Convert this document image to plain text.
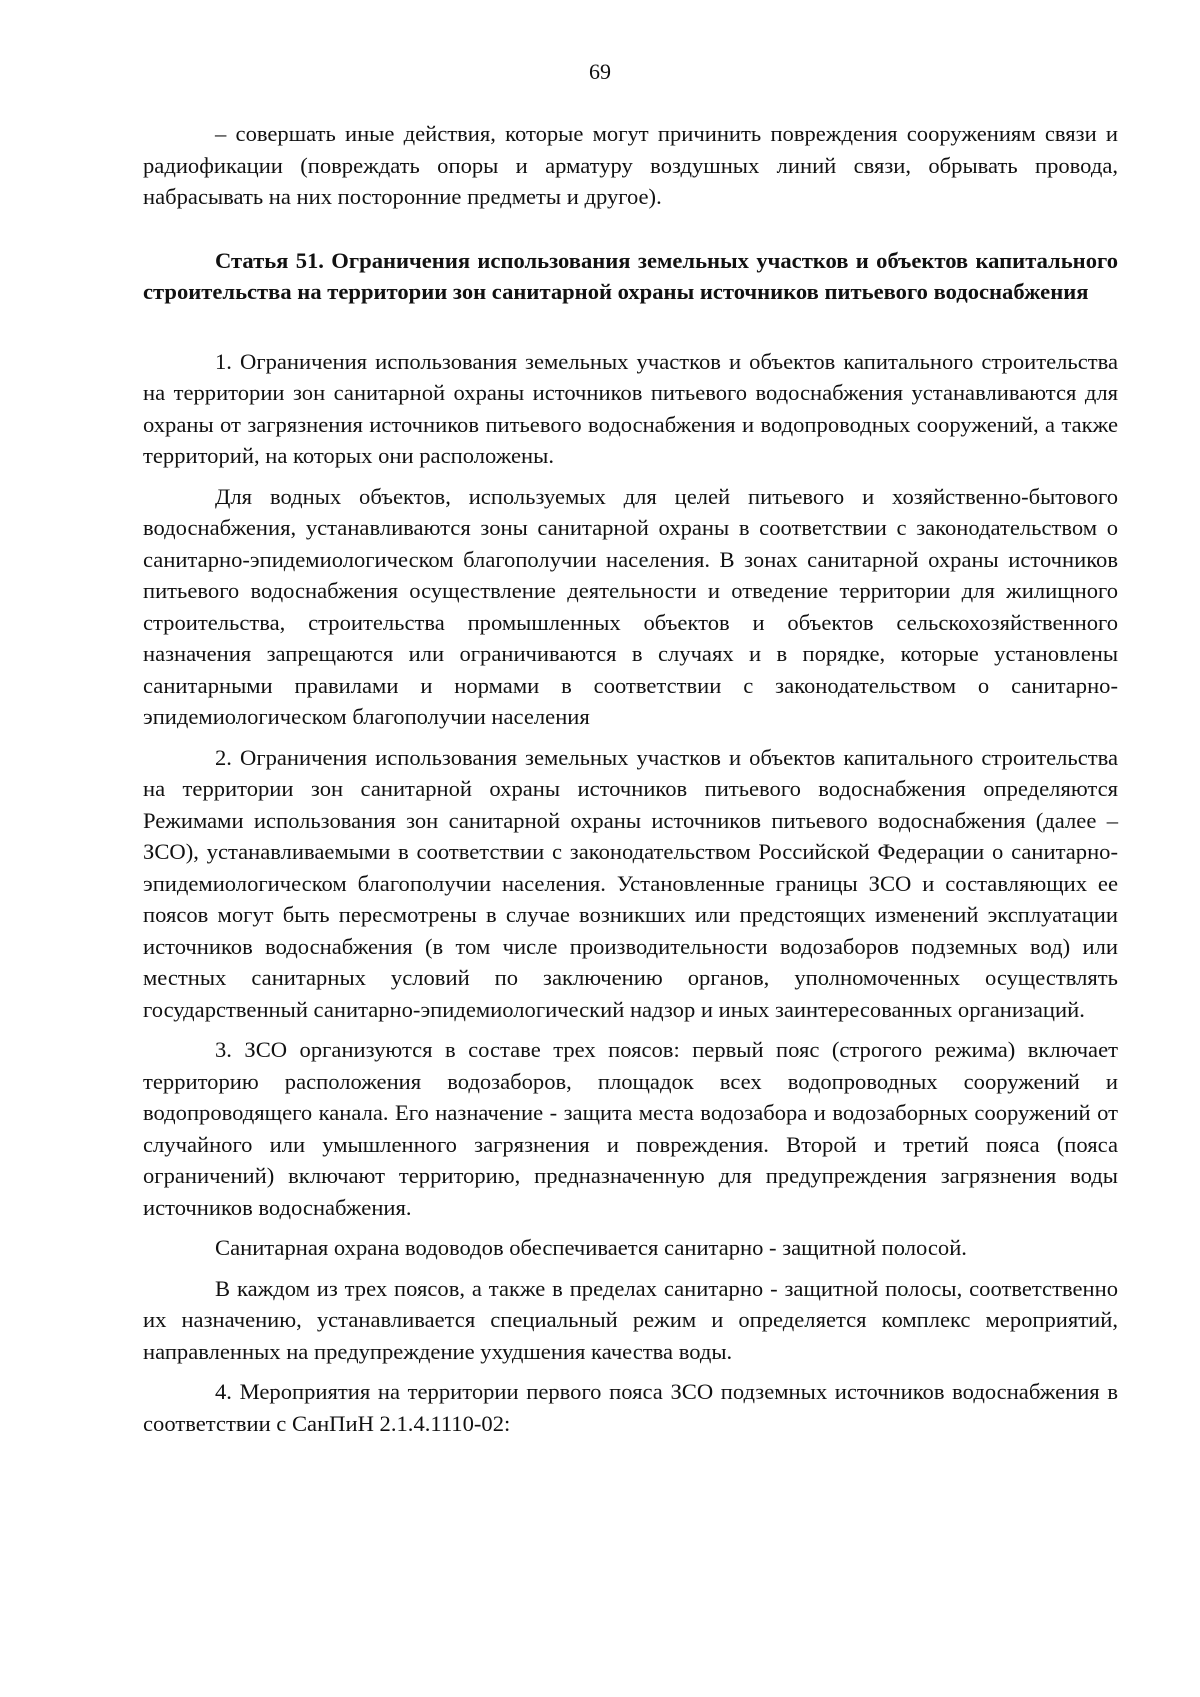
69

– совершать иные действия, которые могут причинить повреждения сооружениям связи и радиофикации (повреждать опоры и арматуру воздушных линий связи, обрывать провода, набрасывать на них посторонние предметы и другое).

Статья 51. Ограничения использования земельных участков и объектов капитального строительства на территории зон санитарной охраны источников питьевого водоснабжения

1. Ограничения использования земельных участков и объектов капитального строительства на территории зон санитарной охраны источников питьевого водоснабжения устанавливаются для охраны от загрязнения источников питьевого водоснабжения и водопроводных сооружений, а также территорий, на которых они расположены.

Для водных объектов, используемых для целей питьевого и хозяйственно-бытового водоснабжения, устанавливаются зоны санитарной охраны в соответствии с законодательством о санитарно-эпидемиологическом благополучии населения. В зонах санитарной охраны источников питьевого водоснабжения осуществление деятельности и отведение территории для жилищного строительства, строительства промышленных объектов и объектов сельскохозяйственного назначения запрещаются или ограничиваются в случаях и в порядке, которые установлены санитарными правилами и нормами в соответствии с законодательством о санитарно-эпидемиологическом благополучии населения

2. Ограничения использования земельных участков и объектов капитального строительства на территории зон санитарной охраны источников питьевого водоснабжения определяются Режимами использования зон санитарной охраны источников питьевого водоснабжения (далее – ЗСО), устанавливаемыми в соответствии с законодательством Российской Федерации о санитарно-эпидемиологическом благополучии населения. Установленные границы ЗСО и составляющих ее поясов могут быть пересмотрены в случае возникших или предстоящих изменений эксплуатации источников водоснабжения (в том числе производительности водозаборов подземных вод) или местных санитарных условий по заключению органов, уполномоченных осуществлять государственный санитарно-эпидемиологический надзор и иных заинтересованных организаций.

3. ЗСО организуются в составе трех поясов: первый пояс (строгого режима) включает территорию расположения водозаборов, площадок всех водопроводных сооружений и водопроводящего канала. Его назначение - защита места водозабора и водозаборных сооружений от случайного или умышленного загрязнения и повреждения. Второй и третий пояса (пояса ограничений) включают территорию, предназначенную для предупреждения загрязнения воды источников водоснабжения.

Санитарная охрана водоводов обеспечивается санитарно - защитной полосой.

В каждом из трех поясов, а также в пределах санитарно - защитной полосы, соответственно их назначению, устанавливается специальный режим и определяется комплекс мероприятий, направленных на предупреждение ухудшения качества воды.

4. Мероприятия на территории первого пояса ЗСО подземных источников водоснабжения в соответствии с СанПиН 2.1.4.1110-02:
